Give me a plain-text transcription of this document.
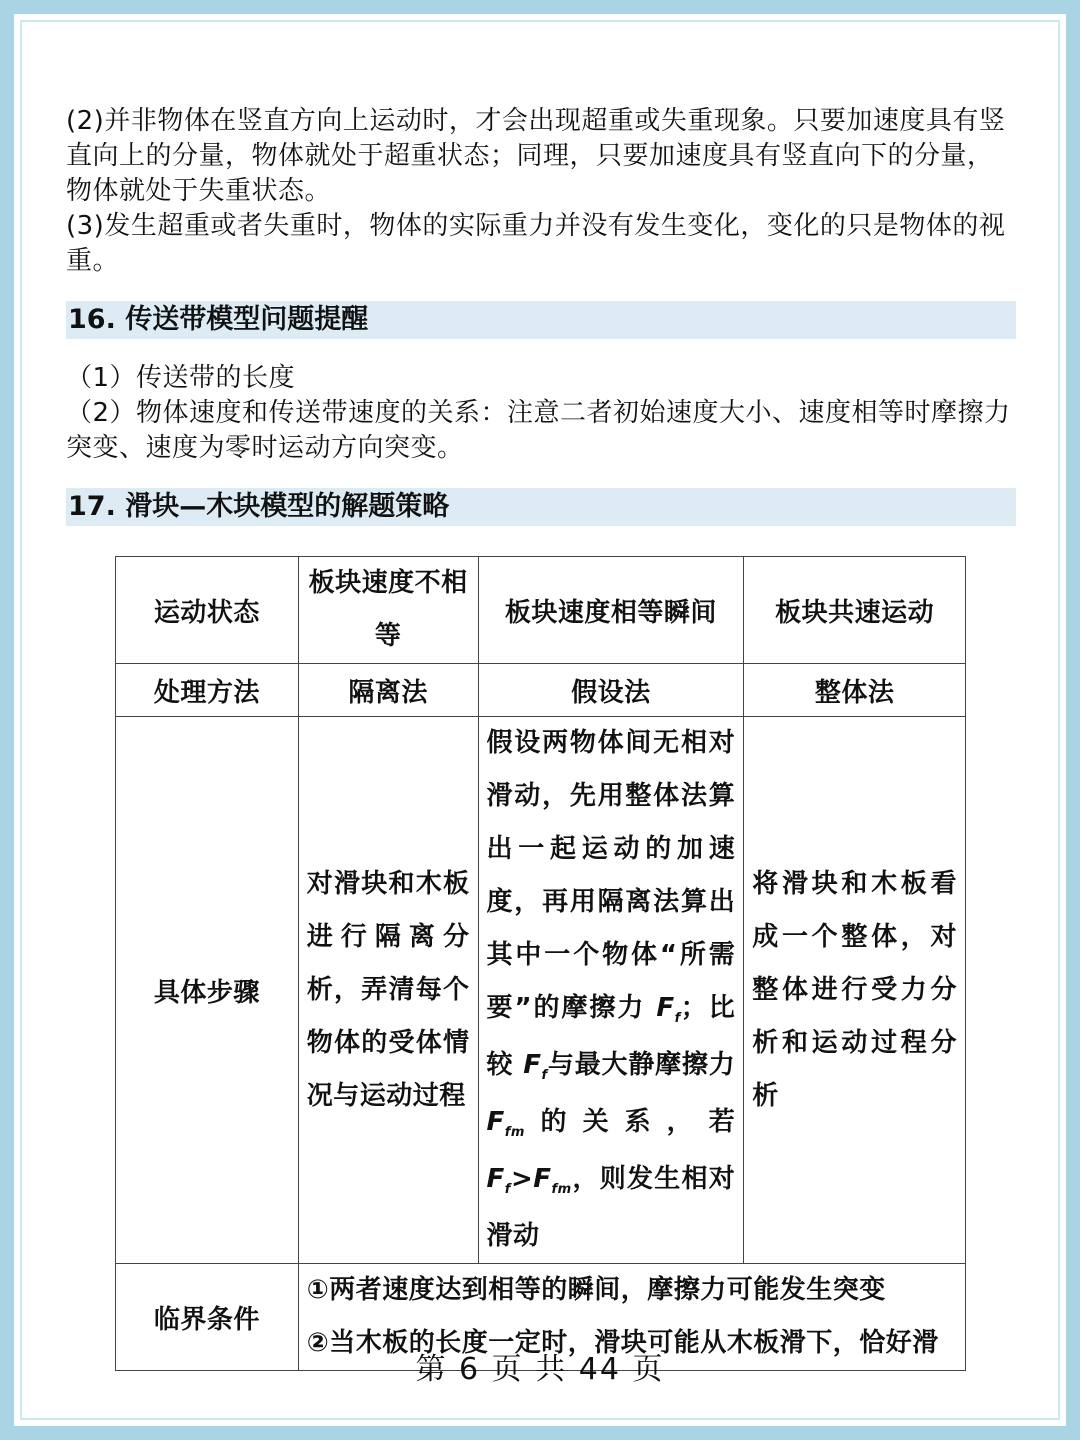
(2)并非物体在竖直方向上运动时，才会出现超重或失重现象。只要加速度具有竖直向上的分量，物体就处于超重状态；同理，只要加速度具有竖直向下的分量，物体就处于失重状态。

(3)发生超重或者失重时，物体的实际重力并没有发生变化，变化的只是物体的视重。

16. 传送带模型问题提醒

（1）传送带的长度

（2）物体速度和传送带速度的关系：注意二者初始速度大小、速度相等时摩擦力突变、速度为零时运动方向突变。

17. 滑块—木块模型的解题策略

运动状态	板块速度不相等	板块速度相等瞬间	板块共速运动
处理方法	隔离法	假设法	整体法
具体步骤	对滑块和木板进行隔离分析，弄清每个物体的受体情况与运动过程	假设两物体间无相对滑动，先用整体法算出一起运动的加速度，再用隔离法算出其中一个物体“所需要”的摩擦力 $F_f$；比较 $F_f$与最大静摩擦力 $F_{fm}$的关系，若 $F_f>F_{fm}$，则发生相对滑动	将滑块和木板看成一个整体，对整体进行受力分析和运动过程分析
临界条件	①两者速度达到相等的瞬间，摩擦力可能发生突变
②当木板的长度一定时，滑块可能从木板滑下，恰好滑		
第 6 页 共 44 页
